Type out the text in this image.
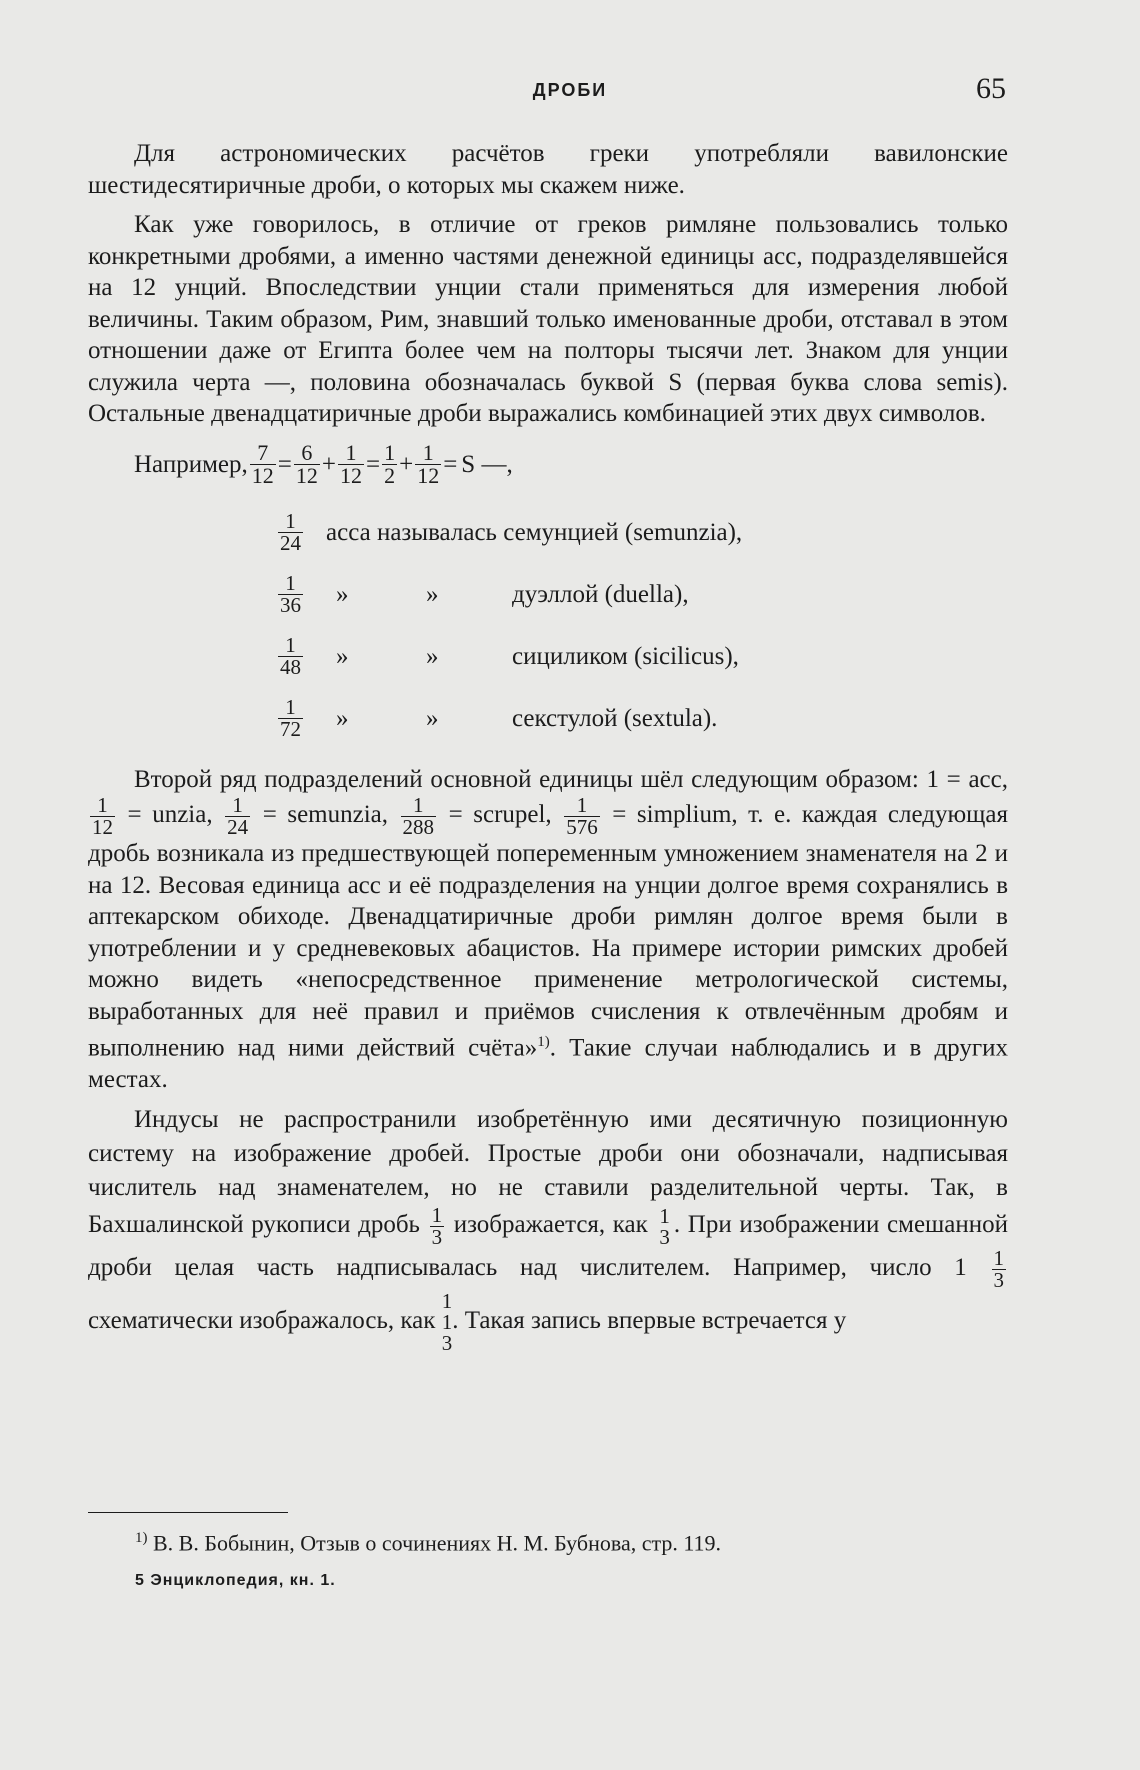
ДРОБИ	65

Для астрономических расчётов греки употребляли вавилонские шестидесятиричные дроби, о которых мы скажем ниже.

Как уже говорилось, в отличие от греков римляне пользовались только конкретными дробями, а именно частями денежной единицы асс, подразделявшейся на 12 унций. Впоследствии унции стали применяться для измерения любой величины. Таким образом, Рим, знавший только именованные дроби, отставал в этом отношении даже от Египта более чем на полторы тысячи лет. Знаком для унции служила черта —, половина обозначалась буквой S (первая буква слова semis). Остальные двенадцатиричные дроби выражались комбинацией этих двух символов.

Например, $\frac{7}{12} = \frac{6}{12} + \frac{1}{12} = \frac{1}{2} + \frac{1}{12} = S$ —,
$\frac{1}{24}$ асса называлась семунцией (semunzia),
$\frac{1}{36}$	»	»	дуэллой (duella),
$\frac{1}{48}$	»	»	сициликом (sicilicus),
$\frac{1}{72}$	»	»	секстулой (sextula).

Второй ряд подразделений основной единицы шёл следующим образом: 1 = асс,
$\frac{1}{12}$ = unzia, $\frac{1}{24}$ = semunzia, $\frac{1}{288}$ = scrupel, $\frac{1}{576}$ = simplium, т. е. каждая следующая дробь возникала из предшествующей попеременным умножением знаменателя на 2 и на 12. Весовая единица асс и её подразделения на унции долгое время сохранялись в аптекарском обиходе. Двенадцатиричные дроби римлян долгое время были в употреблении и у средневековых абацистов. На примере истории римских дробей можно видеть «непосредственное применение метрологической системы, выработанных для неё правил и приёмов счисления к отвлечённым дробям и выполнению над ними действий счёта»$^{1)}$. Такие случаи наблюдались и в других местах.

Индусы не распространили изобретённую ими десятичную позиционную систему на изображение дробей. Простые дроби они обозначали, надписывая числитель над знаменателем, но не ставили разделительной черты. Так, в Бахшалинской рукописи дробь $\frac{1}{3}$ изображается, как 1
3 . При изображении смешанной дроби целая часть надписывалась над числителем. Например, число $1 \frac{1}{3}$
схематически изображалось, как
1
1
3
. Такая запись впервые встречается у

$^{1)}$ В. В. Бобынин, Отзыв о сочинениях Н. М. Бубнова, стр. 119.
5 Энциклопедия, кн. 1.
